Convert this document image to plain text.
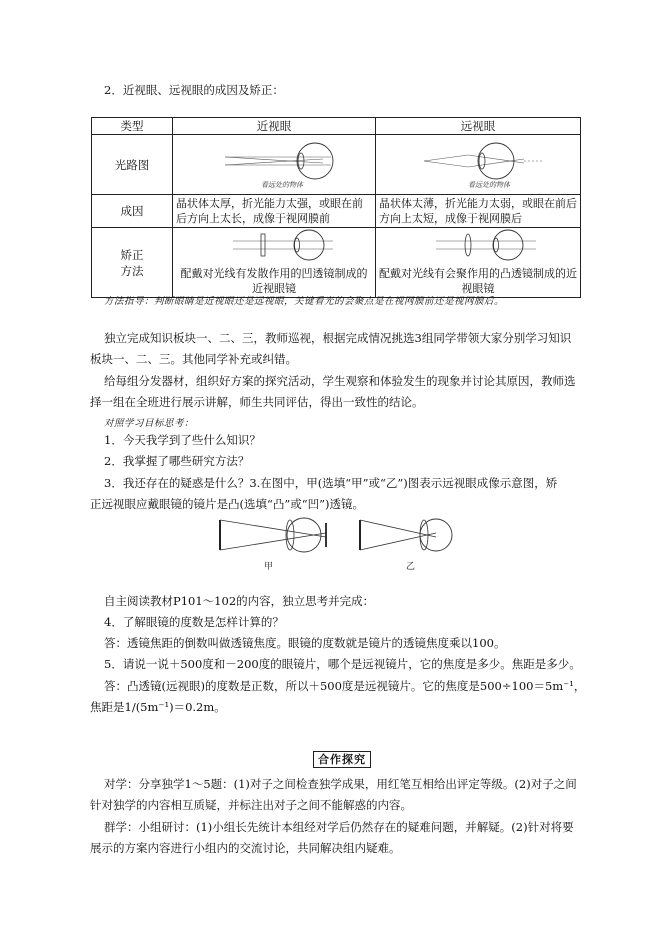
2．近视眼、远视眼的成因及矫正：
类型	近视眼	远视眼
光路图	看远处的物体	看远处的物体

成因	晶状体太厚，折光能力太强，或眼在前后方向上太长，成像于视网膜前	晶状体太薄，折光能力太弱，或眼在前后方向上太短，成像于视网膜后

矫正
方法	配戴对光线有发散作用的凹透镜制成的近视眼镜	配戴对光线有会聚作用的凸透镜制成的近视眼镜
方法指导：判断眼睛是近视眼还是远视眼，关键看光的会聚点是在视网膜前还是视网膜后。
独立完成知识板块一、二、三，教师巡视，根据完成情况挑选3组同学带领大家分别学习知识
板块一、二、三。其他同学补充或纠错。
给每组分发器材，组织好方案的探究活动，学生观察和体验发生的现象并讨论其原因，教师选
择一组在全班进行展示讲解，师生共同评估，得出一致性的结论。
对照学习目标思考：
1．今天我学到了些什么知识？
2．我掌握了哪些研究方法？
3．我还存在的疑惑是什么？3.在图中，甲(选填“甲”或“乙”)图表示远视眼成像示意图，矫
正远视眼应戴眼镜的镜片是凸(选填“凸”或“凹”)透镜。
甲	乙
自主阅读教材P101～102的内容，独立思考并完成：
4．了解眼镜的度数是怎样计算的？
答：透镜焦距的倒数叫做透镜焦度。眼镜的度数就是镜片的透镜焦度乘以100。
5．请说一说＋500度和－200度的眼镜片，哪个是远视镜片，它的焦度是多少。焦距是多少。
答：凸透镜(远视眼)的度数是正数，所以＋500度是远视镜片。它的焦度是500÷100＝5m⁻¹，
焦距是1/(5m⁻¹)＝0.2m。
合作探究
对学：分享独学1～5题：(1)对子之间检查独学成果，用红笔互相给出评定等级。(2)对子之间
针对独学的内容相互质疑，并标注出对子之间不能解惑的内容。
群学：小组研讨：(1)小组长先统计本组经对学后仍然存在的疑难问题，并解疑。(2)针对将要
展示的方案内容进行小组内的交流讨论，共同解决组内疑难。
